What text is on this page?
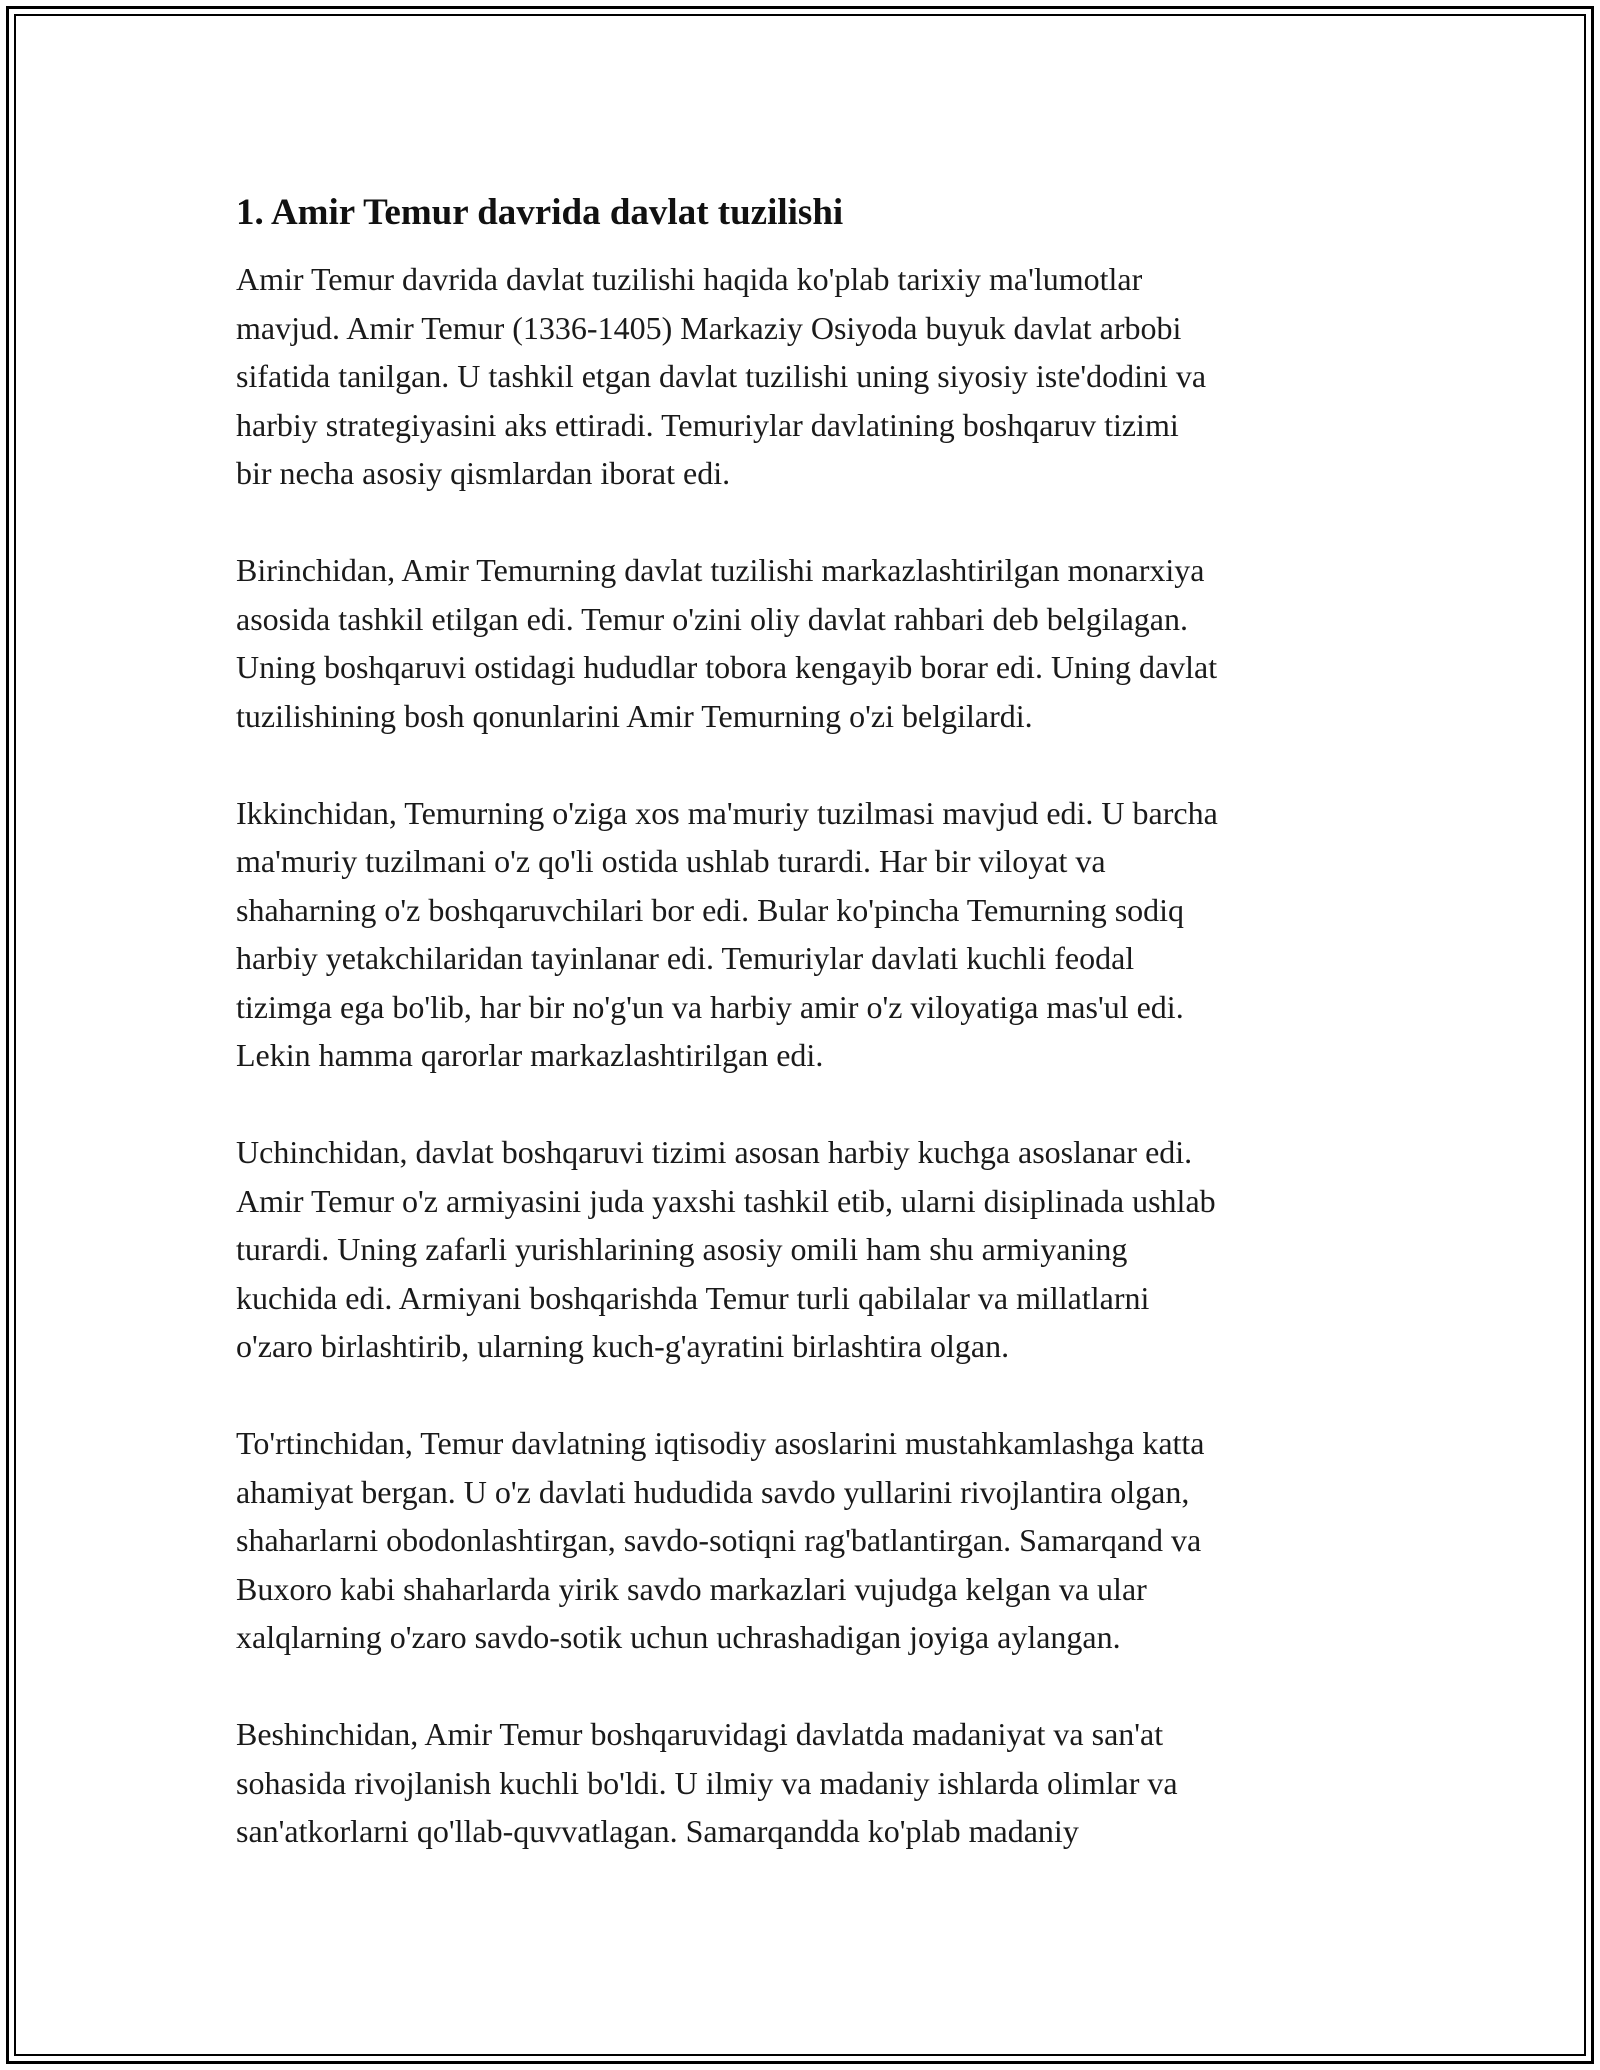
1. Amir Temur davrida davlat tuzilishi

Amir Temur davrida davlat tuzilishi haqida ko'plab tarixiy ma'lumotlar
mavjud. Amir Temur (1336-1405) Markaziy Osiyoda buyuk davlat arbobi
sifatida tanilgan. U tashkil etgan davlat tuzilishi uning siyosiy iste'dodini va
harbiy strategiyasini aks ettiradi. Temuriylar davlatining boshqaruv tizimi
bir necha asosiy qismlardan iborat edi.

Birinchidan, Amir Temurning davlat tuzilishi markazlashtirilgan monarxiya
asosida tashkil etilgan edi. Temur o'zini oliy davlat rahbari deb belgilagan.
Uning boshqaruvi ostidagi hududlar tobora kengayib borar edi. Uning davlat
tuzilishining bosh qonunlarini Amir Temurning o'zi belgilardi.

Ikkinchidan, Temurning o'ziga xos ma'muriy tuzilmasi mavjud edi. U barcha
ma'muriy tuzilmani o'z qo'li ostida ushlab turardi. Har bir viloyat va
shaharning o'z boshqaruvchilari bor edi. Bular ko'pincha Temurning sodiq
harbiy yetakchilaridan tayinlanar edi. Temuriylar davlati kuchli feodal
tizimga ega bo'lib, har bir no'g'un va harbiy amir o'z viloyatiga mas'ul edi.
Lekin hamma qarorlar markazlashtirilgan edi.

Uchinchidan, davlat boshqaruvi tizimi asosan harbiy kuchga asoslanar edi.
Amir Temur o'z armiyasini juda yaxshi tashkil etib, ularni disiplinada ushlab
turardi. Uning zafarli yurishlarining asosiy omili ham shu armiyaning
kuchida edi. Armiyani boshqarishda Temur turli qabilalar va millatlarni
o'zaro birlashtirib, ularning kuch-g'ayratini birlashtira olgan.

To'rtinchidan, Temur davlatning iqtisodiy asoslarini mustahkamlashga katta
ahamiyat bergan. U o'z davlati hududida savdo yullarini rivojlantira olgan,
shaharlarni obodonlashtirgan, savdo-sotiqni rag'batlantirgan. Samarqand va
Buxoro kabi shaharlarda yirik savdo markazlari vujudga kelgan va ular
xalqlarning o'zaro savdo-sotik uchun uchrashadigan joyiga aylangan.

Beshinchidan, Amir Temur boshqaruvidagi davlatda madaniyat va san'at
sohasida rivojlanish kuchli bo'ldi. U ilmiy va madaniy ishlarda olimlar va
san'atkorlarni qo'llab-quvvatlagan. Samarqandda ko'plab madaniy
